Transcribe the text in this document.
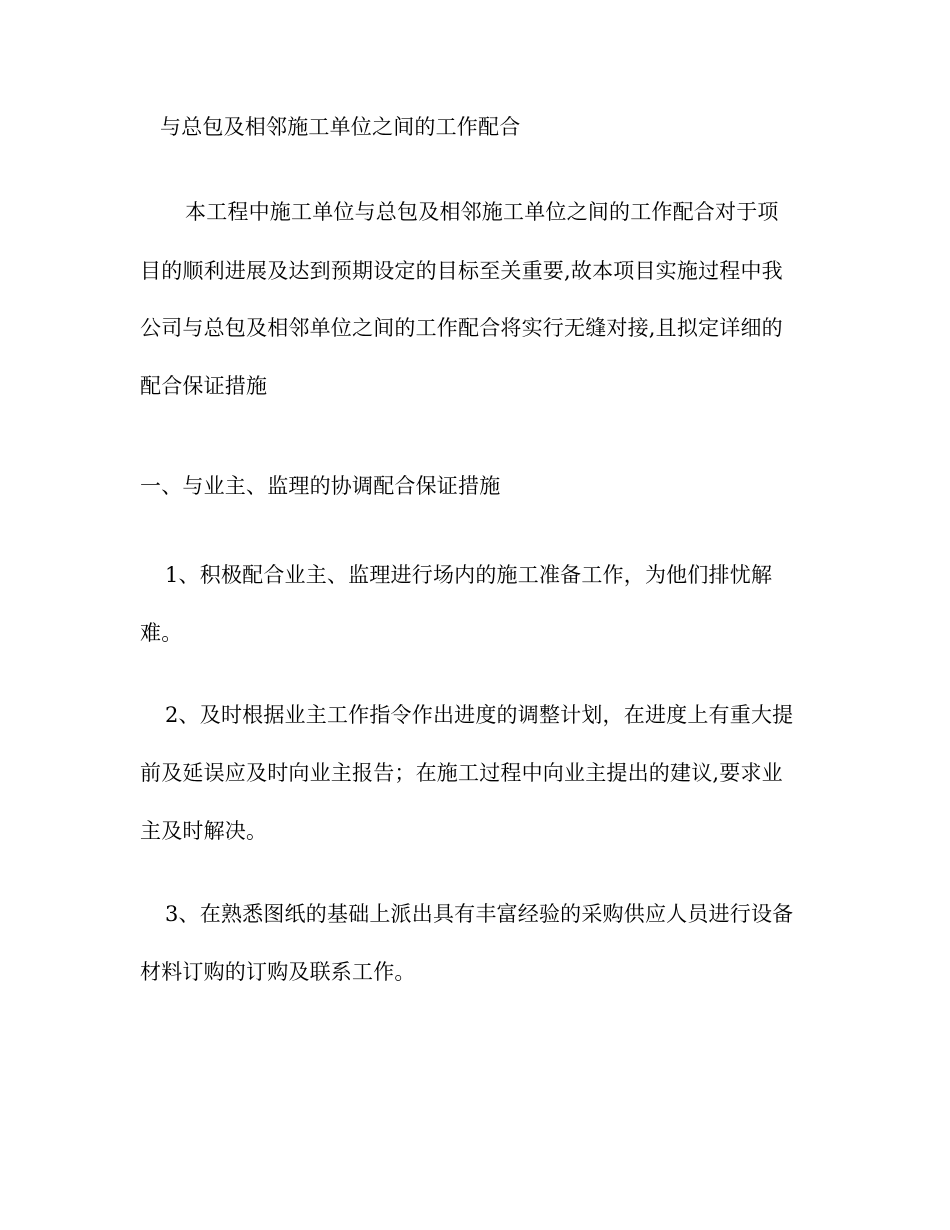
与总包及相邻施工单位之间的工作配合
本工程中施工单位与总包及相邻施工单位之间的工作配合对于项
目的顺利进展及达到预期设定的目标至关重要,故本项目实施过程中我
公司与总包及相邻单位之间的工作配合将实行无缝对接,且拟定详细的
配合保证措施
一、与业主、监理的协调配合保证措施
1、积极配合业主、监理进行场内的施工准备工作，为他们排忧解
难。
2、及时根据业主工作指令作出进度的调整计划，在进度上有重大提
前及延误应及时向业主报告；在施工过程中向业主提出的建议,要求业
主及时解决。
3、在熟悉图纸的基础上派出具有丰富经验的采购供应人员进行设备
材料订购的订购及联系工作。
